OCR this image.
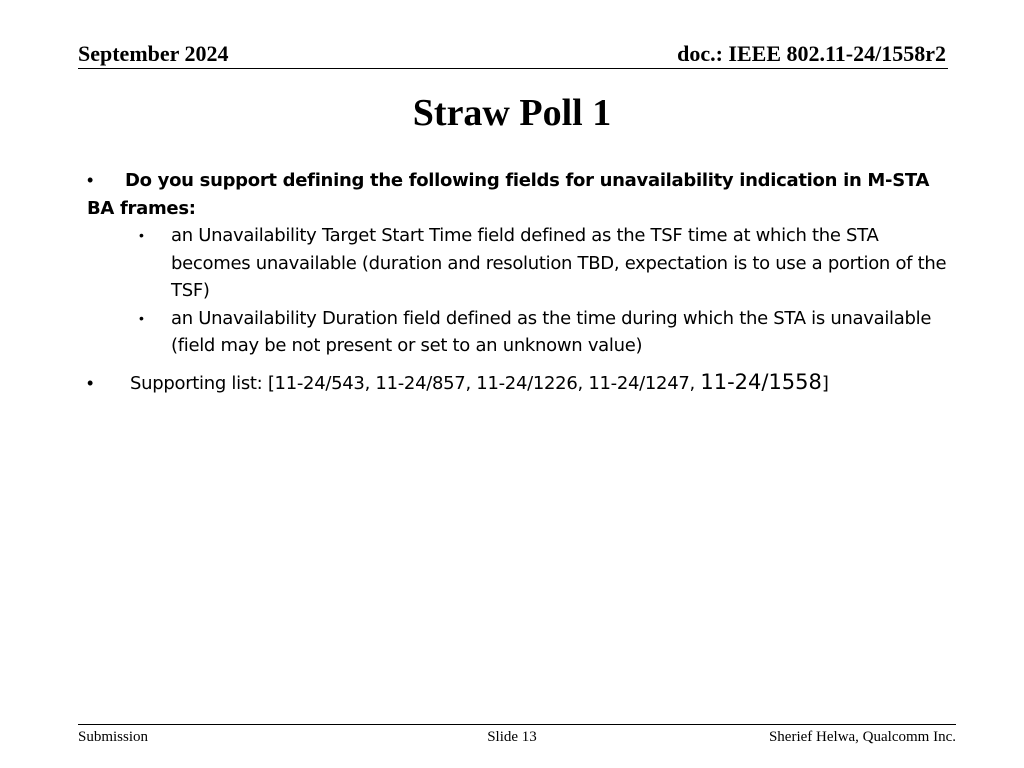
September 2024	doc.: IEEE 802.11-24/1558r2
Straw Poll 1
• Do you support defining the following fields for unavailability indication in M-STA BA frames:
• an Unavailability Target Start Time field defined as the TSF time at which the STA becomes unavailable (duration and resolution TBD, expectation is to use a portion of the TSF)
• an Unavailability Duration field defined as the time during which the STA is unavailable (field may be not present or set to an unknown value)
• Supporting list: [11-24/543, 11-24/857, 11-24/1226, 11-24/1247, 11-24/1558]
Submission	Slide 13	Sherief Helwa, Qualcomm Inc.
